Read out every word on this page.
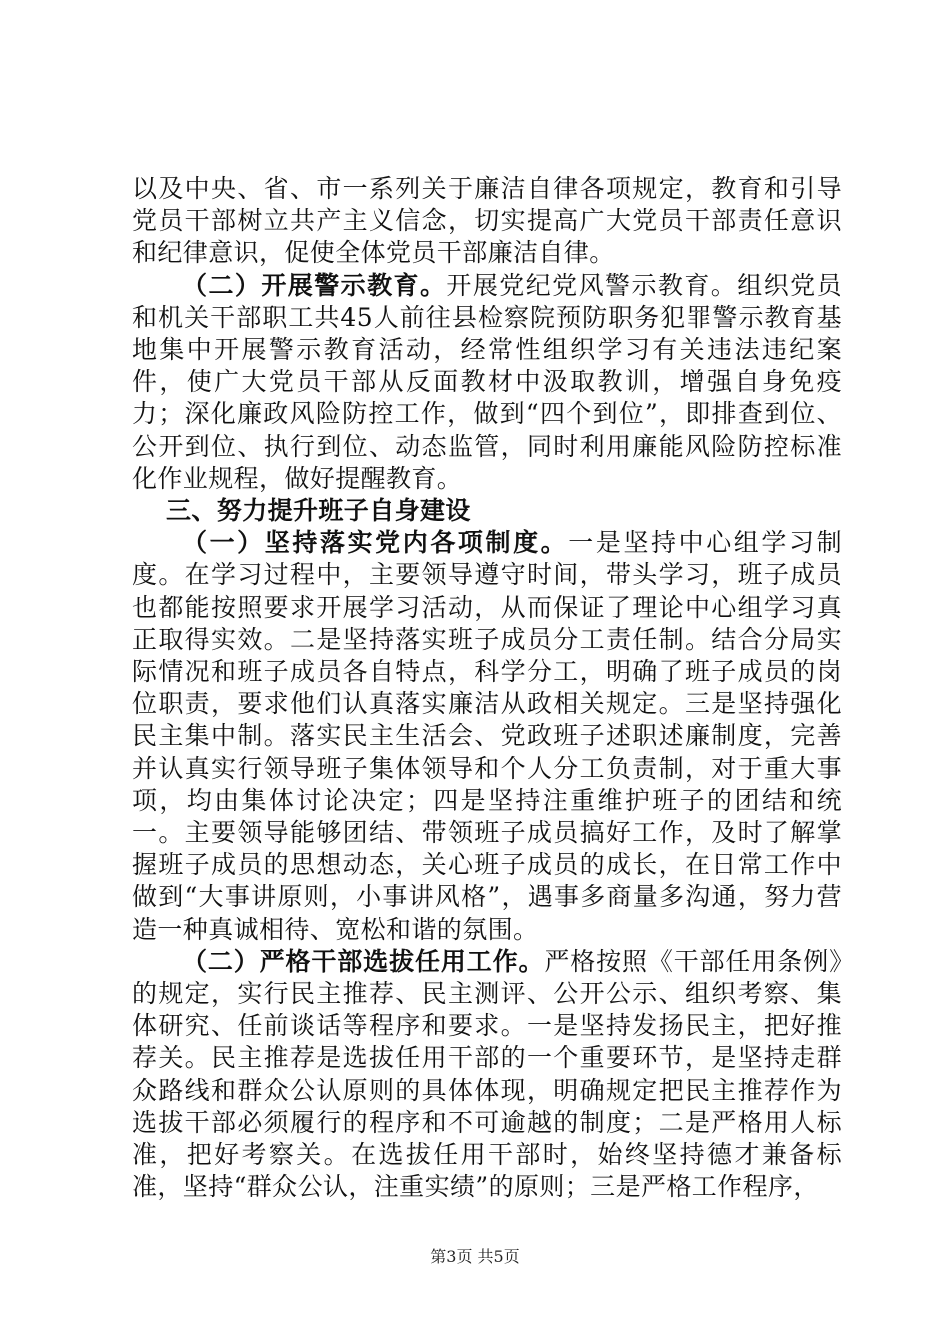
以及中央、省、市一系列关于廉洁自律各项规定，教育和引导党员干部树立共产主义信念，切实提高广大党员干部责任意识和纪律意识，促使全体党员干部廉洁自律。

（二）开展警示教育。开展党纪党风警示教育。组织党员和机关干部职工共45人前往县检察院预防职务犯罪警示教育基地集中开展警示教育活动，经常性组织学习有关违法违纪案件，使广大党员干部从反面教材中汲取教训，增强自身免疫力；深化廉政风险防控工作，做到“四个到位”，即排查到位、公开到位、执行到位、动态监管，同时利用廉能风险防控标准化作业规程，做好提醒教育。

三、努力提升班子自身建设

（一）坚持落实党内各项制度。一是坚持中心组学习制度。在学习过程中，主要领导遵守时间，带头学习，班子成员也都能按照要求开展学习活动，从而保证了理论中心组学习真正取得实效。二是坚持落实班子成员分工责任制。结合分局实际情况和班子成员各自特点，科学分工，明确了班子成员的岗位职责，要求他们认真落实廉洁从政相关规定。三是坚持强化民主集中制。落实民主生活会、党政班子述职述廉制度，完善并认真实行领导班子集体领导和个人分工负责制，对于重大事项，均由集体讨论决定；四是坚持注重维护班子的团结和统一。主要领导能够团结、带领班子成员搞好工作，及时了解掌握班子成员的思想动态，关心班子成员的成长，在日常工作中做到“大事讲原则，小事讲风格”，遇事多商量多沟通，努力营造一种真诚相待、宽松和谐的氛围。

（二）严格干部选拔任用工作。严格按照《干部任用条例》的规定，实行民主推荐、民主测评、公开公示、组织考察、集体研究、任前谈话等程序和要求。一是坚持发扬民主，把好推荐关。民主推荐是选拔任用干部的一个重要环节，是坚持走群众路线和群众公认原则的具体体现，明确规定把民主推荐作为选拔干部必须履行的程序和不可逾越的制度；二是严格用人标准，把好考察关。在选拔任用干部时，始终坚持德才兼备标准，坚持“群众公认，注重实绩”的原则；三是严格工作程序，

第3页 共5页
